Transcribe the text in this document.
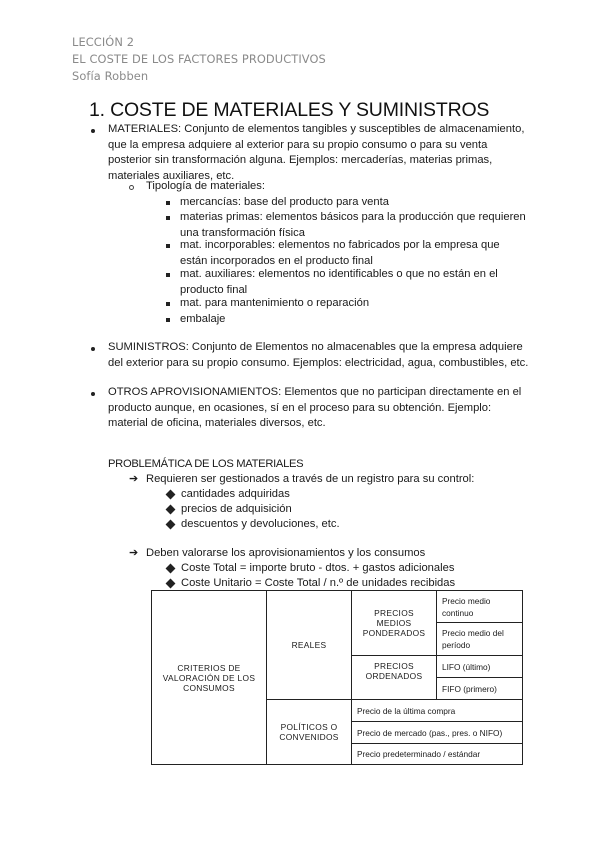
LECCIÓN 2
EL COSTE DE LOS FACTORES PRODUCTIVOS
Sofía Robben
1. COSTE DE MATERIALES Y SUMINISTROS
MATERIALES: Conjunto de elementos tangibles y susceptibles de almacenamiento,
que la empresa adquiere al exterior para su propio consumo o para su venta
posterior sin transformación alguna. Ejemplos: mercaderías, materias primas,
materiales auxiliares, etc.
Tipología de materiales:
mercancías: base del producto para venta
materias primas: elementos básicos para la producción que requieren
una transformación física
mat. incorporables: elementos no fabricados por la empresa que
están incorporados en el producto final
mat. auxiliares: elementos no identificables o que no están en el
producto final
mat. para mantenimiento o reparación
embalaje
SUMINISTROS: Conjunto de Elementos no almacenables que la empresa adquiere
del exterior para su propio consumo. Ejemplos: electricidad, agua, combustibles, etc.
OTROS APROVISIONAMIENTOS: Elementos que no participan directamente en el
producto aunque, en ocasiones, sí en el proceso para su obtención. Ejemplo:
material de oficina, materiales diversos, etc.
PROBLEMÁTICA DE LOS MATERIALES
➔ Requieren ser gestionados a través de un registro para su control:
cantidades adquiridas
precios de adquisición
descuentos y devoluciones, etc.
➔ Deben valorarse los aprovisionamientos y los consumos
Coste Total = importe bruto - dtos. + gastos adicionales
Coste Unitario = Coste Total / n.º de unidades recibidas
CRITERIOS DE
VALORACIÓN DE LOS
CONSUMOS
REALES
POLÍTICOS O
CONVENIDOS
PRECIOS
MEDIOS
PONDERADOS
PRECIOS
ORDENADOS
Precio medio
continuo
Precio medio del
período
LIFO (último)
FIFO (primero)
Precio de la última compra
Precio de mercado (pas., pres. o NIFO)
Precio predeterminado / estándar
